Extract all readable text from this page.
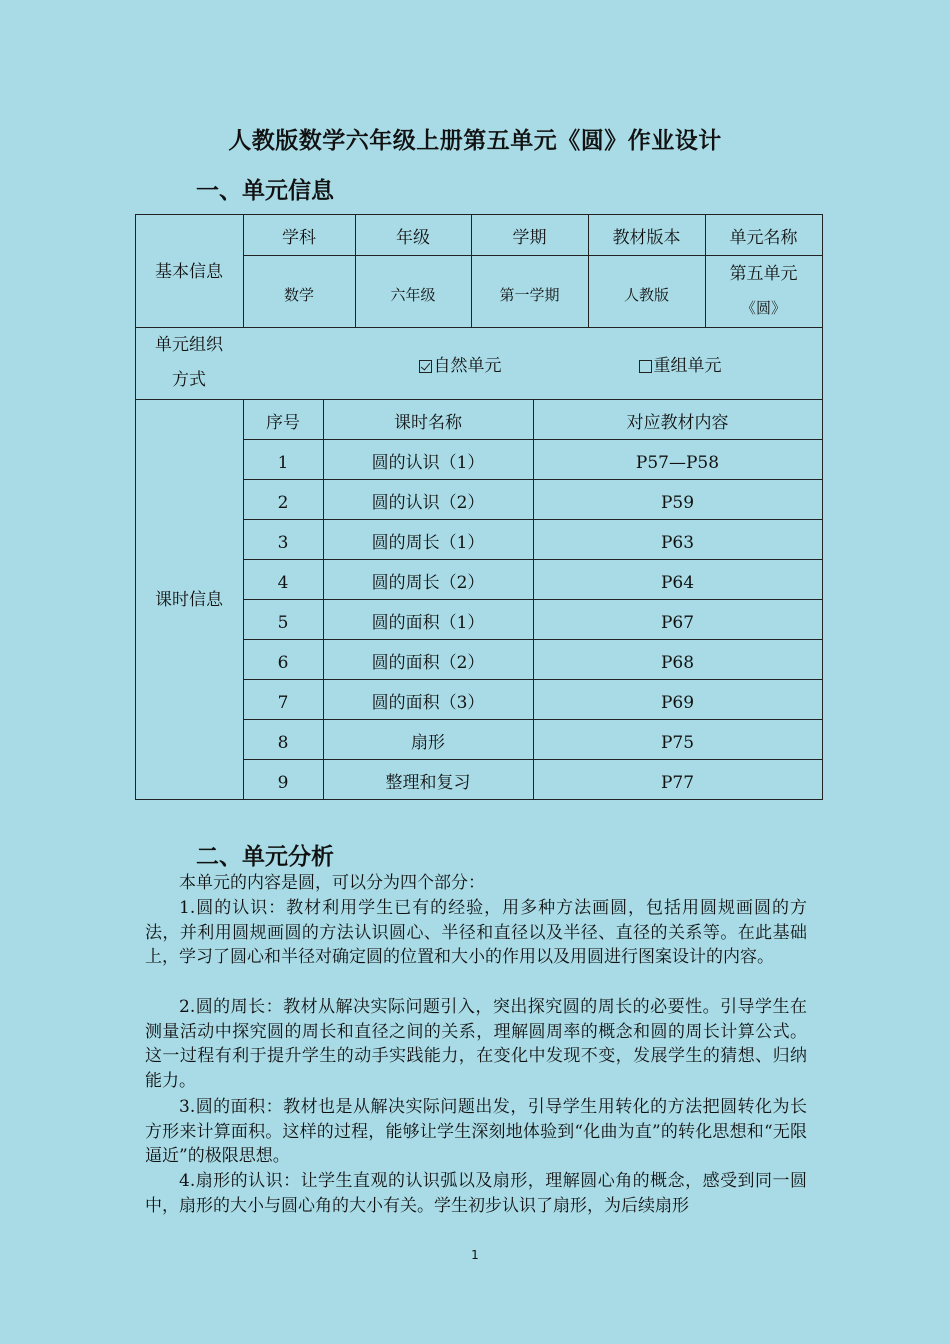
人教版数学六年级上册第五单元《圆》作业设计
一、单元信息
基本信息
学科	年级	学期	教材版本	单元名称
数学	六年级	第一学期	人教版
第五单元
《圆》
单元组织
方式
自然单元	重组单元
课时信息
序号	课时名称	对应教材内容
1	圆的认识（1）	P57—P58
2	圆的认识（2）	P59
3	圆的周长（1）	P63
4	圆的周长（2）	P64
5	圆的面积（1）	P67
6	圆的面积（2）	P68
7	圆的面积（3）	P69
8	扇形	P75
9	整理和复习	P77
二、单元分析

本单元的内容是圆，可以分为四个部分：

1.圆的认识：教材利用学生已有的经验，用多种方法画圆，包括用圆规画圆的方法，并利用圆规画圆的方法认识圆心、半径和直径以及半径、直径的关系等。在此基础上，学习了圆心和半径对确定圆的位置和大小的作用以及用圆进行图案设计的内容。

2.圆的周长：教材从解决实际问题引入，突出探究圆的周长的必要性。引导学生在测量活动中探究圆的周长和直径之间的关系，理解圆周率的概念和圆的周长计算公式。这一过程有利于提升学生的动手实践能力，在变化中发现不变，发展学生的猜想、归纳能力。

3.圆的面积：教材也是从解决实际问题出发，引导学生用转化的方法把圆转化为长方形来计算面积。这样的过程，能够让学生深刻地体验到“化曲为直”的转化思想和“无限逼近”的极限思想。

4.扇形的认识：让学生直观的认识弧以及扇形，理解圆心角的概念，感受到同一圆中，扇形的大小与圆心角的大小有关。学生初步认识了扇形，为后续扇形

1
